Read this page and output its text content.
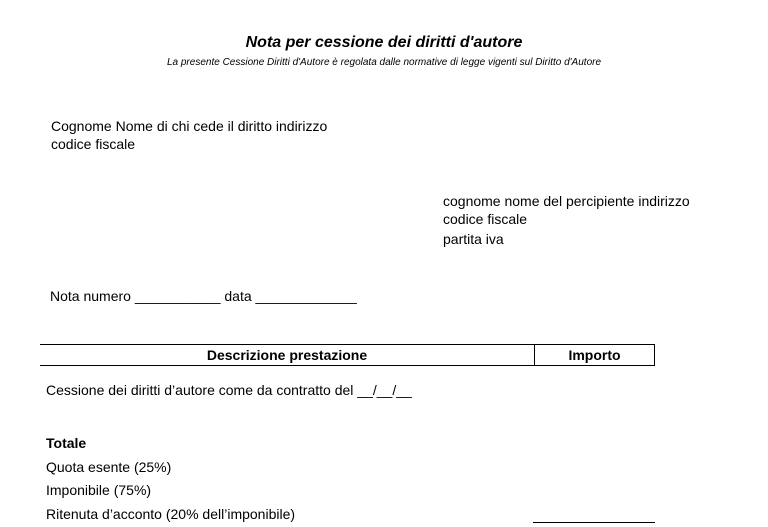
Nota per cessione dei diritti d'autore
La presente Cessione Diritti d'Autore è regolata dalle normative di legge vigenti sul Diritto d'Autore
Cognome Nome di chi cede il diritto indirizzo
codice fiscale
cognome nome del percipiente indirizzo
codice fiscale
partita iva
Nota numero ___________ data _____________
Descrizione prestazione	Importo
Cessione dei diritti d’autore come da contratto del __/__/__
Totale
Quota esente (25%)
Imponibile (75%)
Ritenuta d’acconto (20% dell’imponibile)
